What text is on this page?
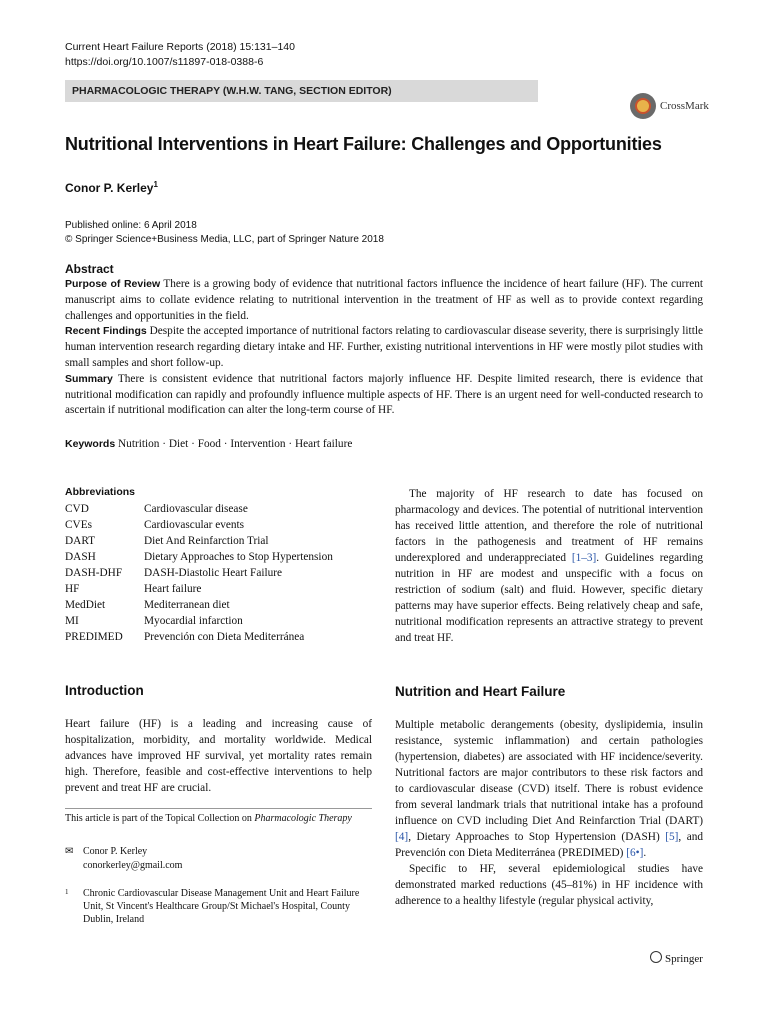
Current Heart Failure Reports (2018) 15:131–140
https://doi.org/10.1007/s11897-018-0388-6
PHARMACOLOGIC THERAPY (W.H.W. TANG, SECTION EDITOR)
CrossMark
Nutritional Interventions in Heart Failure: Challenges and Opportunities
Conor P. Kerley$^1$
Published online: 6 April 2018
© Springer Science+Business Media, LLC, part of Springer Nature 2018
Abstract

Purpose of Review There is a growing body of evidence that nutritional factors influence the incidence of heart failure (HF). The current manuscript aims to collate evidence relating to nutritional intervention in the treatment of HF as well as to provide context regarding challenges and opportunities in the field.

Recent Findings Despite the accepted importance of nutritional factors relating to cardiovascular disease severity, there is surprisingly little human intervention research regarding dietary intake and HF. Further, existing nutritional interventions in HF were mostly pilot studies with small samples and short follow-up.

Summary There is consistent evidence that nutritional factors majorly influence HF. Despite limited research, there is evidence that nutritional modification can rapidly and profoundly influence multiple aspects of HF. There is an urgent need for well-conducted research to ascertain if nutritional modification can alter the long-term course of HF.

Keywords Nutrition · Diet · Food · Intervention · Heart failure
Abbreviations
CVD	Cardiovascular disease
CVEs	Cardiovascular events
DART	Diet And Reinfarction Trial
DASH	Dietary Approaches to Stop Hypertension
DASH-DHF	DASH-Diastolic Heart Failure
HF	Heart failure
MedDiet	Mediterranean diet
MI	Myocardial infarction
PREDIMED	Prevención con Dieta Mediterránea
The majority of HF research to date has focused on pharmacology and devices. The potential of nutritional intervention has received little attention, and therefore the role of nutritional factors in the pathogenesis and treatment of HF remains underexplored and underappreciated [1–3]. Guidelines regarding nutrition in HF are modest and unspecific with a focus on restriction of sodium (salt) and fluid. However, specific dietary patterns may have superior effects. Being relatively cheap and safe, nutritional modification represents an attractive strategy to prevent and treat HF.
Introduction	Nutrition and Heart Failure
Heart failure (HF) is a leading and increasing cause of hospitalization, morbidity, and mortality worldwide. Medical advances have improved HF survival, yet mortality rates remain high. Therefore, feasible and cost-effective interventions to help prevent and treat HF are crucial.
This article is part of the Topical Collection on Pharmacologic Therapy
✉ Conor P. Kerley
conorkerley@gmail.com
1 Chronic Cardiovascular Disease Management Unit and Heart Failure Unit, St Vincent's Healthcare Group/St Michael's Hospital, County Dublin, Ireland

Multiple metabolic derangements (obesity, dyslipidemia, insulin resistance, systemic inflammation) and certain pathologies (hypertension, diabetes) are associated with HF incidence/severity. Nutritional factors are major contributors to these risk factors and to cardiovascular disease (CVD) itself. There is robust evidence from several landmark trials that nutritional intake has a profound influence on CVD including Diet And Reinfarction Trial (DART) [4], Dietary Approaches to Stop Hypertension (DASH) [5], and Prevención con Dieta Mediterránea (PREDIMED) [6•].

Specific to HF, several epidemiological studies have demonstrated marked reductions (45–81%) in HF incidence with adherence to a healthy lifestyle (regular physical activity,

Springer
